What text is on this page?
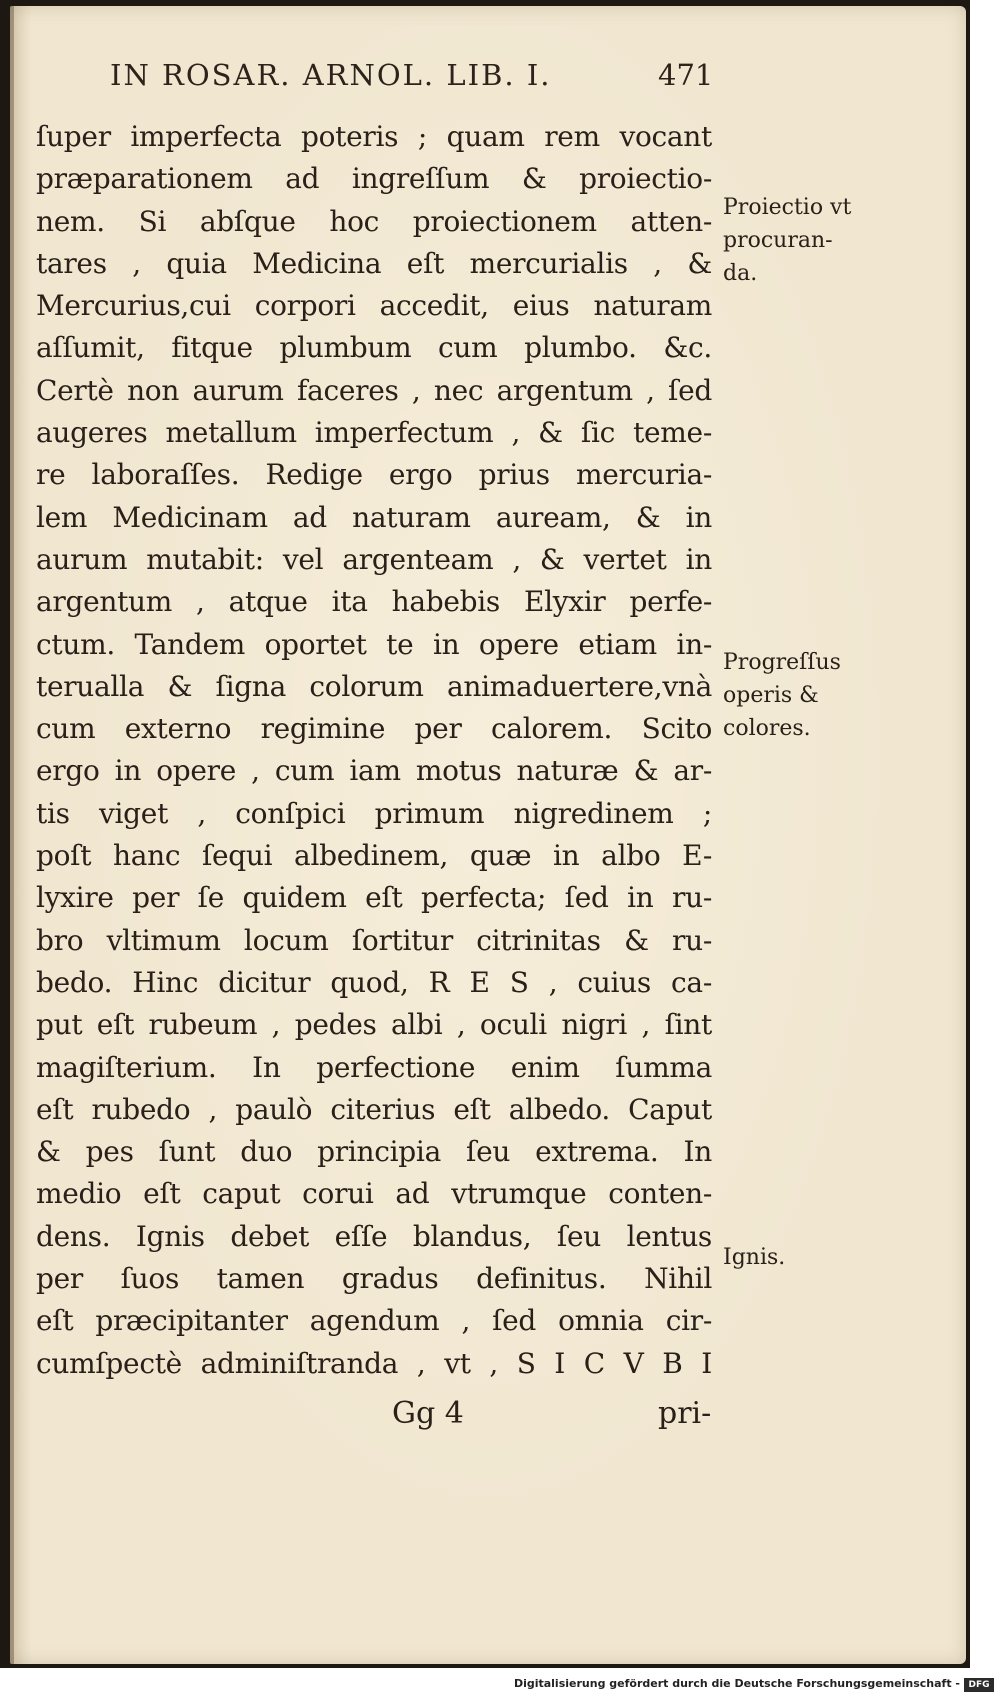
IN ROSAR. ARNOL. LIB. I.	471
ſuper imperfecta poteris ; quam rem vocant
præparationem ad ingreſſum & proiectio-
nem. Si abſque hoc proiectionem atten-
tares , quia Medicina eſt mercurialis , &
Mercurius,cui corpori accedit, eius naturam
aſſumit, fitque plumbum cum plumbo. &c.
Certè non aurum faceres , nec argentum , ſed
augeres metallum imperfectum , & ſic teme-
re laboraſſes. Redige ergo prius mercuria-
lem Medicinam ad naturam auream, & in
aurum mutabit: vel argenteam , & vertet in
argentum , atque ita habebis Elyxir perfe-
ctum. Tandem oportet te in opere etiam in-
terualla & ſigna colorum animaduertere,vnà
cum externo regimine per calorem. Scito
ergo in opere , cum iam motus naturæ & ar-
tis viget , conſpici primum nigredinem ;
poſt hanc ſequi albedinem, quæ in albo E-
lyxire per ſe quidem eſt perfecta; ſed in ru-
bro vltimum locum ſortitur citrinitas & ru-
bedo. Hinc dicitur quod, R E S , cuius ca-
put eſt rubeum , pedes albi , oculi nigri , ſint
magiſterium. In perfectione enim ſumma
eſt rubedo , paulò citerius eſt albedo. Caput
& pes ſunt duo principia ſeu extrema. In
medio eſt caput corui ad vtrumque conten-
dens. Ignis debet eſſe blandus, ſeu lentus
per ſuos tamen gradus definitus. Nihil
eſt præcipitanter agendum , ſed omnia cir-
cumſpectè adminiſtranda , vt , S I C V B I
Proiectio vt
procuran-
da.
Progreſſus
operis &
colores.
Ignis.
Gg 4	pri-
Digitalisierung gefördert durch die Deutsche Forschungsgemeinschaft - DFG
